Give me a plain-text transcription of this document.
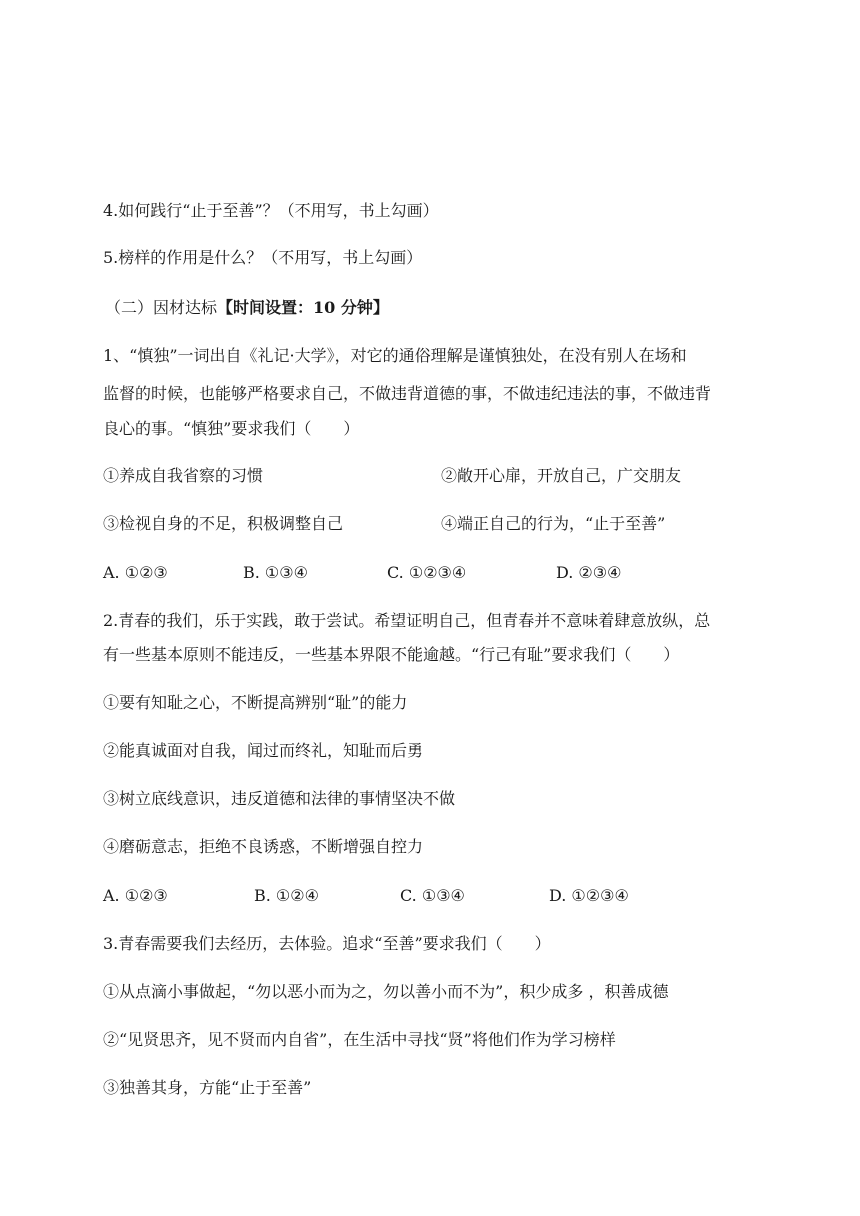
4.如何践行“止于至善”？（不用写，书上勾画）
5.榜样的作用是什么？（不用写，书上勾画）
（二）因材达标【时间设置：10 分钟】
1、“慎独”一词出自《礼记·大学》，对它的通俗理解是谨慎独处，在没有别人在场和
监督的时候，也能够严格要求自己，不做违背道德的事，不做违纪违法的事，不做违背
良心的事。“慎独”要求我们（　　）
①养成自我省察的习惯	②敞开心扉，开放自己，广交朋友
③检视自身的不足，积极调整自己	④端正自己的行为，“止于至善”
A. ①②③	B. ①③④	C. ①②③④	D. ②③④
2.青春的我们，乐于实践，敢于尝试。希望证明自己，但青春并不意味着肆意放纵，总
有一些基本原则不能违反，一些基本界限不能逾越。“行己有耻”要求我们（　　）
①要有知耻之心，不断提高辨别“耻”的能力
②能真诚面对自我，闻过而终礼，知耻而后勇
③树立底线意识，违反道德和法律的事情坚决不做
④磨砺意志，拒绝不良诱惑，不断增强自控力
A. ①②③	B. ①②④	C. ①③④	D. ①②③④
3.青春需要我们去经历，去体验。追求“至善”要求我们（　　）
①从点滴小事做起，“勿以恶小而为之，勿以善小而不为”，积少成多 ，积善成德
②“见贤思齐，见不贤而内自省”，在生活中寻找“贤”将他们作为学习榜样
③独善其身，方能“止于至善”
